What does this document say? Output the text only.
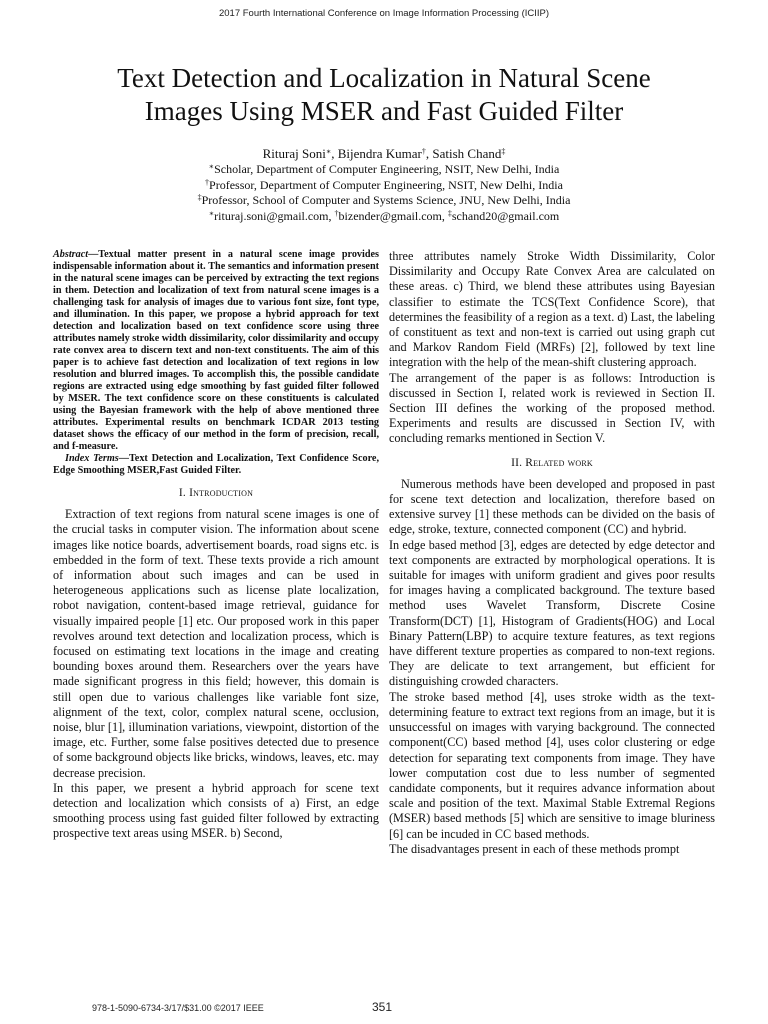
2017 Fourth International Conference on Image Information Processing (ICIIP)
Text Detection and Localization in Natural Scene
Images Using MSER and Fast Guided Filter
Rituraj Soni∗, Bijendra Kumar†, Satish Chand‡
∗Scholar, Department of Computer Engineering, NSIT, New Delhi, India
†Professor, Department of Computer Engineering, NSIT, New Delhi, India
‡Professor, School of Computer and Systems Science, JNU, New Delhi, India
∗rituraj.soni@gmail.com, †bizender@gmail.com, ‡schand20@gmail.com

Abstract—Textual matter present in a natural scene image provides indispensable information about it. The semantics and information present in the natural scene images can be perceived by extracting the text regions in them. Detection and localization of text from natural scene images is a challenging task for analysis of images due to various font size, font type, and illumination. In this paper, we propose a hybrid approach for text detection and localization based on text confidence score using three attributes namely stroke width dissimilarity, color dissimilarity and occupy rate convex area to discern text and non-text constituents. The aim of this paper is to achieve fast detection and localization of text regions in low resolution and blurred images. To accomplish this, the possible candidate regions are extracted using edge smoothing by fast guided filter followed by MSER. The text confidence score on these constituents is calculated using the Bayesian framework with the help of above mentioned three attributes. Experimental results on benchmark ICDAR 2013 testing dataset shows the efficacy of our method in the form of precision, recall, and f-measure.

Index Terms—Text Detection and Localization, Text Confidence Score, Edge Smoothing MSER,Fast Guided Filter.

I. Introduction

Extraction of text regions from natural scene images is one of the crucial tasks in computer vision. The information about scene images like notice boards, advertisement boards, road signs etc. is embedded in the form of text. These texts provide a rich amount of information about such images and can be used in heterogeneous applications such as license plate localization, robot navigation, content-based image retrieval, guidance for visually impaired people [1] etc. Our proposed work in this paper revolves around text detection and localization process, which is focused on estimating text locations in the image and creating bounding boxes around them. Researchers over the years have made significant progress in this field; however, this domain is still open due to various challenges like variable font size, alignment of the text, color, complex natural scene, occlusion, noise, blur [1], illumination variations, viewpoint, distortion of the image, etc. Further, some false positives detected due to presence of some background objects like bricks, windows, leaves, etc. may decrease precision.

In this paper, we present a hybrid approach for scene text detection and localization which consists of a) First, an edge smoothing process using fast guided filter followed by extracting prospective text areas using MSER. b) Second,

three attributes namely Stroke Width Dissimilarity, Color Dissimilarity and Occupy Rate Convex Area are calculated on these areas. c) Third, we blend these attributes using Bayesian classifier to estimate the TCS(Text Confidence Score), that determines the feasibility of a region as a text. d) Last, the labeling of constituent as text and non-text is carried out using graph cut and Markov Random Field (MRFs) [2], followed by text line integration with the help of the mean-shift clustering approach.

The arrangement of the paper is as follows: Introduction is discussed in Section I, related work is reviewed in Section II. Section III defines the working of the proposed method. Experiments and results are discussed in Section IV, with concluding remarks mentioned in Section V.

II. Related work

Numerous methods have been developed and proposed in past for scene text detection and localization, therefore based on extensive survey [1] these methods can be divided on the basis of edge, stroke, texture, connected component (CC) and hybrid.

In edge based method [3], edges are detected by edge detector and text components are extracted by morphological operations. It is suitable for images with uniform gradient and gives poor results for images having a complicated background. The texture based method uses Wavelet Transform, Discrete Cosine Transform(DCT) [1], Histogram of Gradients(HOG) and Local Binary Pattern(LBP) to acquire texture features, as text regions have different texture properties as compared to non-text regions. They are delicate to text arrangement, but efficient for distinguishing crowded characters.

The stroke based method [4], uses stroke width as the text-determining feature to extract text regions from an image, but it is unsuccessful on images with varying background. The connected component(CC) based method [4], uses color clustering or edge detection for separating text components from image. They have lower computation cost due to less number of segmented candidate components, but it requires advance information about scale and position of the text. Maximal Stable Extremal Regions (MSER) based methods [5] which are sensitive to image bluriness [6] can be incuded in CC based methods.

The disadvantages present in each of these methods prompt

978-1-5090-6734-3/17/$31.00 ©2017 IEEE	351
